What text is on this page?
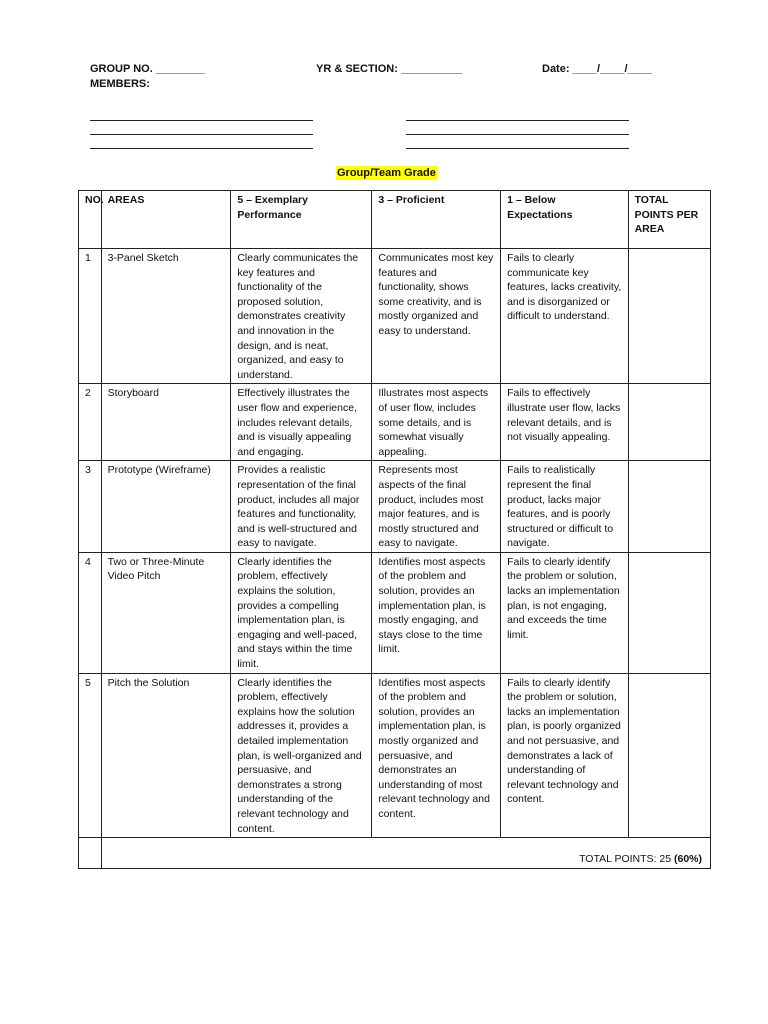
GROUP NO. ________
MEMBERS:
YR & SECTION: __________	Date: ____/____/____
Group/Team Grade
NO.	AREAS	5 – Exemplary Performance	3 – Proficient	1 – Below Expectations	TOTAL POINTS PER AREA
1	3-Panel Sketch	Clearly communicates the key features and functionality of the proposed solution, demonstrates creativity and innovation in the design, and is neat, organized, and easy to understand.	Communicates most key features and functionality, shows some creativity, and is mostly organized and easy to understand.	Fails to clearly communicate key features, lacks creativity, and is disorganized or difficult to understand.	
2	Storyboard	Effectively illustrates the user flow and experience, includes relevant details, and is visually appealing and engaging.	Illustrates most aspects of user flow, includes some details, and is somewhat visually appealing.	Fails to effectively illustrate user flow, lacks relevant details, and is not visually appealing.	
3	Prototype (Wireframe)	Provides a realistic representation of the final product, includes all major features and functionality, and is well-structured and easy to navigate.	Represents most aspects of the final product, includes most major features, and is mostly structured and easy to navigate.	Fails to realistically represent the final product, lacks major features, and is poorly structured or difficult to navigate.	
4	Two or Three-Minute Video Pitch	Clearly identifies the problem, effectively explains the solution, provides a compelling implementation plan, is engaging and well-paced, and stays within the time limit.	Identifies most aspects of the problem and solution, provides an implementation plan, is mostly engaging, and stays close to the time limit.	Fails to clearly identify the problem or solution, lacks an implementation plan, is not engaging, and exceeds the time limit.	
5	Pitch the Solution	Clearly identifies the problem, effectively explains how the solution addresses it, provides a detailed implementation plan, is well-organized and persuasive, and demonstrates a strong understanding of the relevant technology and content.	Identifies most aspects of the problem and solution, provides an implementation plan, is mostly organized and persuasive, and demonstrates an understanding of most relevant technology and content.	Fails to clearly identify the problem or solution, lacks an implementation plan, is poorly organized and not persuasive, and demonstrates a lack of understanding of relevant technology and content.	
	TOTAL POINTS: 25 (60%)				
